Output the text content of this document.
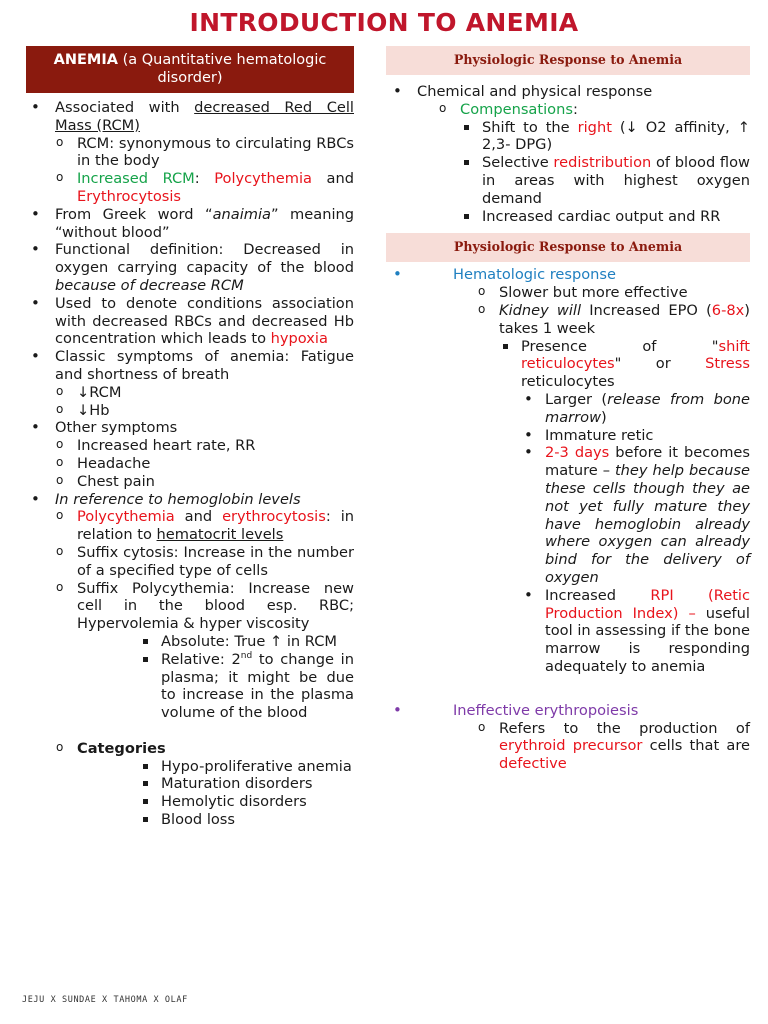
INTRODUCTION TO ANEMIA
ANEMIA (a Quantitative hematologic disorder)
• Associated with decreased Red Cell Mass (RCM)
o RCM: synonymous to circulating RBCs in the body
o Increased RCM: Polycythemia and Erythrocytosis
• From Greek word “anaimia” meaning “without blood”
• Functional definition: Decreased in oxygen carrying capacity of the blood because of decrease RCM
• Used to denote conditions association with decreased RBCs and decreased Hb concentration which leads to hypoxia
• Classic symptoms of anemia: Fatigue and shortness of breath
o ↓RCM
o ↓Hb
• Other symptoms
o Increased heart rate, RR
o Headache
o Chest pain
• In reference to hemoglobin levels
o Polycythemia and erythrocytosis: in relation to hematocrit levels
o Suffix cytosis: Increase in the number of a specified type of cells
o Suffix Polycythemia: Increase new cell in the blood esp. RBC; Hypervolemia & hyper viscosity
Absolute: True ↑ in RCM
Relative: 2nd to change in plasma; it might be due to increase in the plasma volume of the blood
o Categories
Hypo-proliferative anemia
Maturation disorders
Hemolytic disorders
Blood loss
Physiologic Response to Anemia
• Chemical and physical response
o Compensations:
Shift to the right (↓ O2 affinity, ↑ 2,3- DPG)
Selective redistribution of blood flow in areas with highest oxygen demand
Increased cardiac output and RR
Physiologic Response to Anemia
• Hematologic response
o Slower but more effective
o Kidney will Increased EPO (6-8x) takes 1 week
Presence of "shift reticulocytes" or Stress reticulocytes
• Larger (release from bone marrow)
• Immature retic
• 2-3 days before it becomes mature – they help because these cells though they ae not yet fully mature they have hemoglobin already where oxygen can already bind for the delivery of oxygen
• Increased RPI (Retic Production Index) – useful tool in assessing if the bone marrow is responding adequately to anemia
• Ineffective erythropoiesis
o Refers to the production of erythroid precursor cells that are defective
JEJU X SUNDAE X TAHOMA X OLAF
